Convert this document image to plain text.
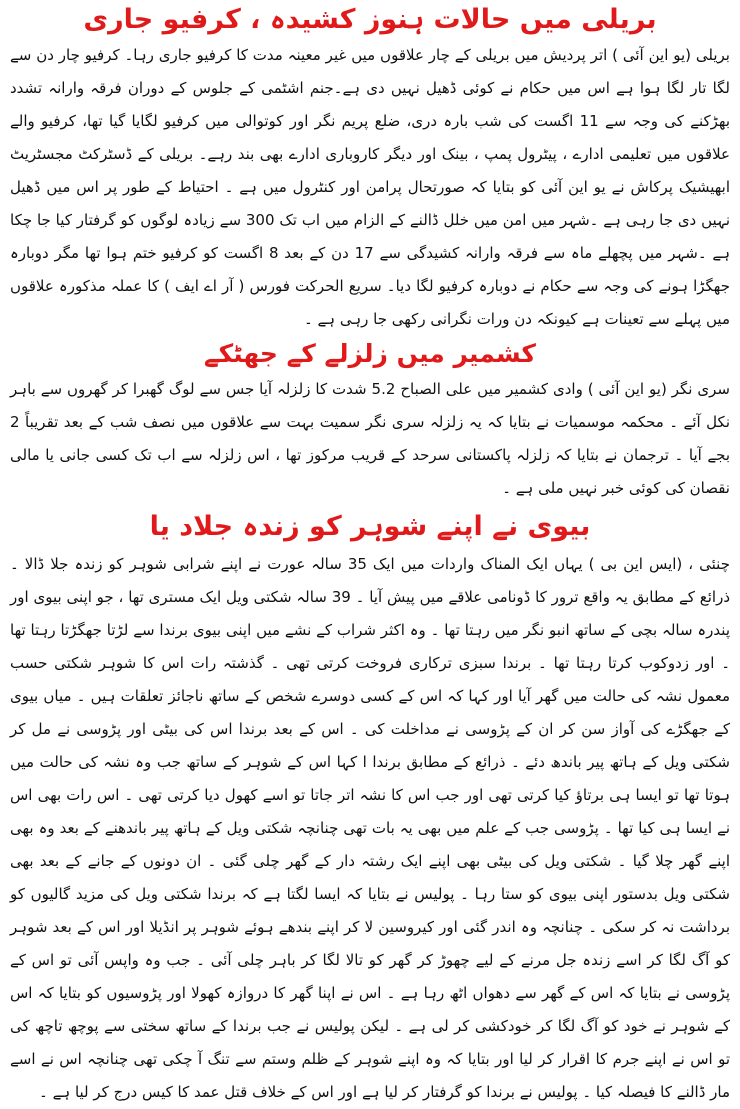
بریلی میں حالات ہنوز کشیدہ ، کرفیو جاری

بریلی (یو این آئی ) اتر پردیش میں بریلی کے چار علاقوں میں غیر معینہ مدت کا کرفیو جاری رہا۔ کرفیو چار دن سے لگا تار لگا ہوا ہے اس میں حکام نے کوئی ڈھیل نہیں دی ہے۔جنم اشٹمی کے جلوس کے دوران فرقہ وارانہ تشدد بھڑکنے کی وجہ سے 11 اگست کی شب بارہ دری، ضلع پریم نگر اور کوتوالی میں کرفیو لگایا گیا تھا، کرفیو والے علاقوں میں تعلیمی ادارے ، پیٹرول پمپ ، بینک اور دیگر کاروباری ادارے بھی بند رہے۔ بریلی کے ڈسٹرکٹ مجسٹریٹ ابھیشیک پرکاش نے یو این آئی کو بتایا کہ صورتحال پرامن اور کنٹرول میں ہے ۔ احتیاط کے طور پر اس میں ڈھیل نہیں دی جا رہی ہے ۔شہر میں امن میں خلل ڈالنے کے الزام میں اب تک 300 سے زیادہ لوگوں کو گرفتار کیا جا چکا ہے ۔شہر میں پچھلے ماہ سے فرقہ وارانہ کشیدگی سے 17 دن کے بعد 8 اگست کو کرفیو ختم ہوا تھا مگر دوبارہ جھگڑا ہونے کی وجہ سے حکام نے دوبارہ کرفیو لگا دیا۔ سریع الحرکت فورس ( آر اے ایف ) کا عملہ مذکورہ علاقوں میں پہلے سے تعینات ہے کیونکہ دن ورات نگرانی رکھی جا رہی ہے ۔

کشمیر میں زلزلے کے جھٹکے

سری نگر (یو این آئی ) وادی کشمیر میں علی الصباح 5.2 شدت کا زلزلہ آیا جس سے لوگ گھبرا کر گھروں سے باہر نکل آئے ۔ محکمہ موسمیات نے بتایا کہ یہ زلزلہ سری نگر سمیت بہت سے علاقوں میں نصف شب کے بعد تقریباً 2 بجے آیا ۔ ترجمان نے بتایا کہ زلزلہ پاکستانی سرحد کے قریب مرکوز تھا ، اس زلزلہ سے اب تک کسی جانی یا مالی نقصان کی کوئی خبر نہیں ملی ہے ۔

بیوی نے اپنے شوہر کو زندہ جلاد یا

چنئی ، (ایس این بی ) یہاں ایک المناک واردات میں ایک 35 سالہ عورت نے اپنے شرابی شوہر کو زندہ جلا ڈالا ۔ ذرائع کے مطابق یہ واقع ترور کا ڈونامی علاقے میں پیش آیا ۔ 39 سالہ شکتی ویل ایک مستری تھا ، جو اپنی بیوی اور پندرہ سالہ بچی کے ساتھ انبو نگر میں رہتا تھا ۔ وہ اکثر شراب کے نشے میں اپنی بیوی برندا سے لڑتا جھگڑتا رہتا تھا ۔ اور زدوکوب کرتا رہتا تھا ۔ برندا سبزی ترکاری فروخت کرتی تھی ۔ گذشتہ رات اس کا شوہر شکتی حسب معمول نشہ کی حالت میں گھر آیا اور کہا کہ اس کے کسی دوسرے شخص کے ساتھ ناجائز تعلقات ہیں ۔ میاں بیوی کے جھگڑے کی آواز سن کر ان کے پڑوسی نے مداخلت کی ۔ اس کے بعد برندا اس کی بیٹی اور پڑوسی نے مل کر شکتی ویل کے ہاتھ پیر باندھ دئے ۔ ذرائع کے مطابق برندا ا کہا اس کے شوہر کے ساتھ جب وہ نشہ کی حالت میں ہوتا تھا تو ایسا ہی برتاؤ کیا کرتی تھی اور جب اس کا نشہ اتر جاتا تو اسے کھول دیا کرتی تھی ۔ اس رات بھی اس نے ایسا ہی کیا تھا ۔ پڑوسی جب کے علم میں بھی یہ بات تھی چنانچہ شکتی ویل کے ہاتھ پیر باندھنے کے بعد وہ بھی اپنے گھر چلا گیا ۔ شکتی ویل کی بیٹی بھی اپنے ایک رشتہ دار کے گھر چلی گئی ۔ ان دونوں کے جانے کے بعد بھی شکتی ویل بدستور اپنی بیوی کو ستا رہا ۔ پولیس نے بتایا کہ ایسا لگتا ہے کہ برندا شکتی ویل کی مزید گالیوں کو برداشت نہ کر سکی ۔ چنانچہ وہ اندر گئی اور کیروسین لا کر اپنے بندھے ہوئے شوہر پر انڈیلا اور اس کے بعد شوہر کو آگ لگا کر اسے زندہ جل مرنے کے لیے چھوڑ کر گھر کو تالا لگا کر باہر چلی آئی ۔ جب وہ واپس آئی تو اس کے پڑوسی نے بتایا کہ اس کے گھر سے دھواں اٹھ رہا ہے ۔ اس نے اپنا گھر کا دروازہ کھولا اور پڑوسیوں کو بتایا کہ اس کے شوہر نے خود کو آگ لگا کر خودکشی کر لی ہے ۔ لیکن پولیس نے جب برندا کے ساتھ سختی سے پوچھ تاچھ کی تو اس نے اپنے جرم کا اقرار کر لیا اور بتایا کہ وہ اپنے شوہر کے ظلم وستم سے تنگ آ چکی تھی چنانچہ اس نے اسے مار ڈالنے کا فیصلہ کیا ۔ پولیس نے برندا کو گرفتار کر لیا ہے اور اس کے خلاف قتل عمد کا کیس درج کر لیا ہے ۔
